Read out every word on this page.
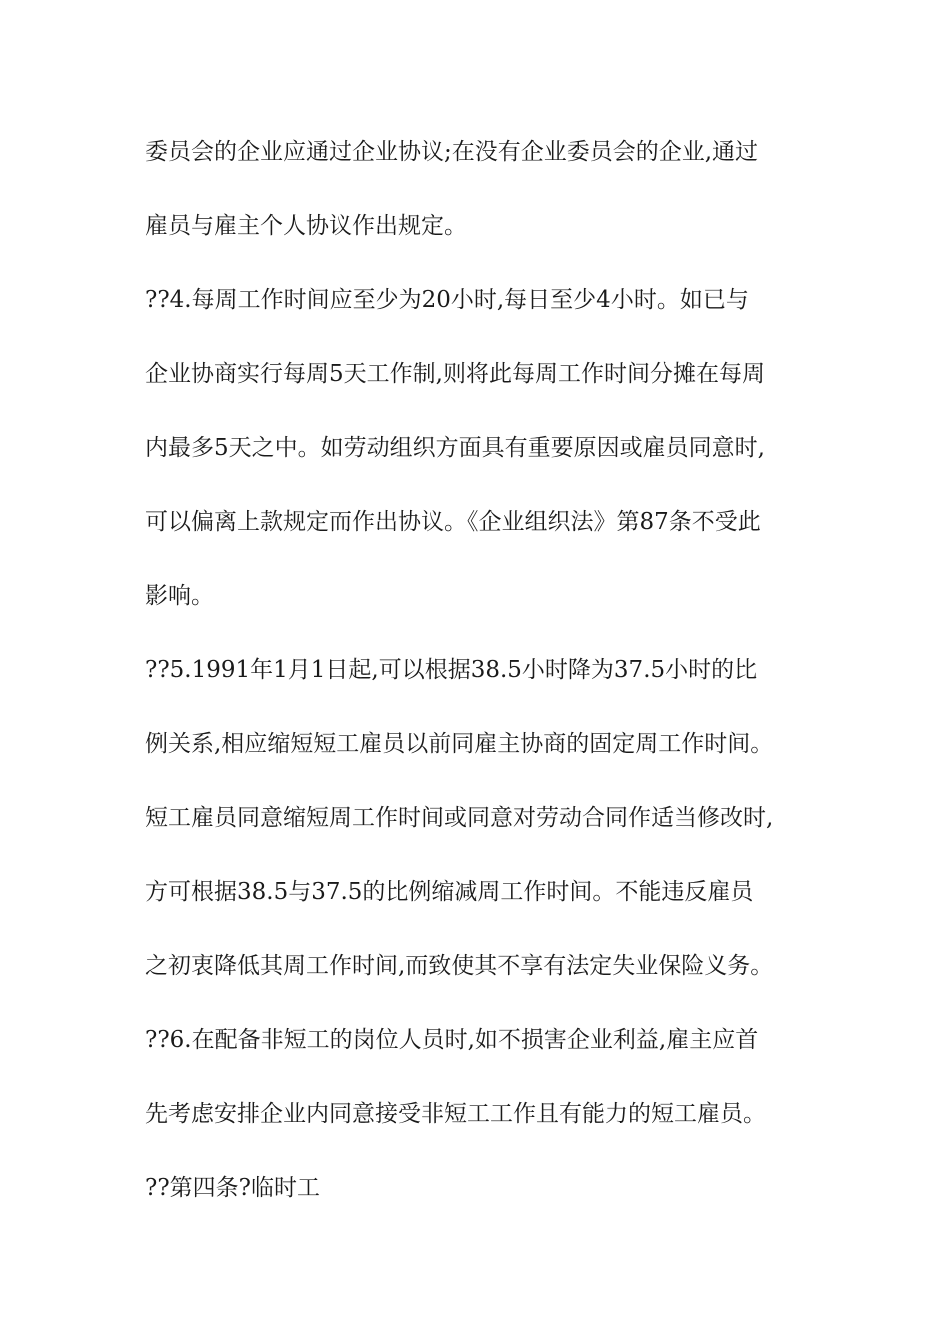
委员会的企业应通过企业协议;在没有企业委员会的企业,通过

雇员与雇主个人协议作出规定。

??4.每周工作时间应至少为20小时,每日至少4小时。如已与

企业协商实行每周5天工作制,则将此每周工作时间分摊在每周

内最多5天之中。如劳动组织方面具有重要原因或雇员同意时,

可以偏离上款规定而作出协议。《企业组织法》第87条不受此

影响。

??5.1991年1月1日起,可以根据38.5小时降为37.5小时的比

例关系,相应缩短短工雇员以前同雇主协商的固定周工作时间。

短工雇员同意缩短周工作时间或同意对劳动合同作适当修改时,

方可根据38.5与37.5的比例缩减周工作时间。不能违反雇员

之初衷降低其周工作时间,而致使其不享有法定失业保险义务。

??6.在配备非短工的岗位人员时,如不损害企业利益,雇主应首

先考虑安排企业内同意接受非短工工作且有能力的短工雇员。

??第四条?临时工
